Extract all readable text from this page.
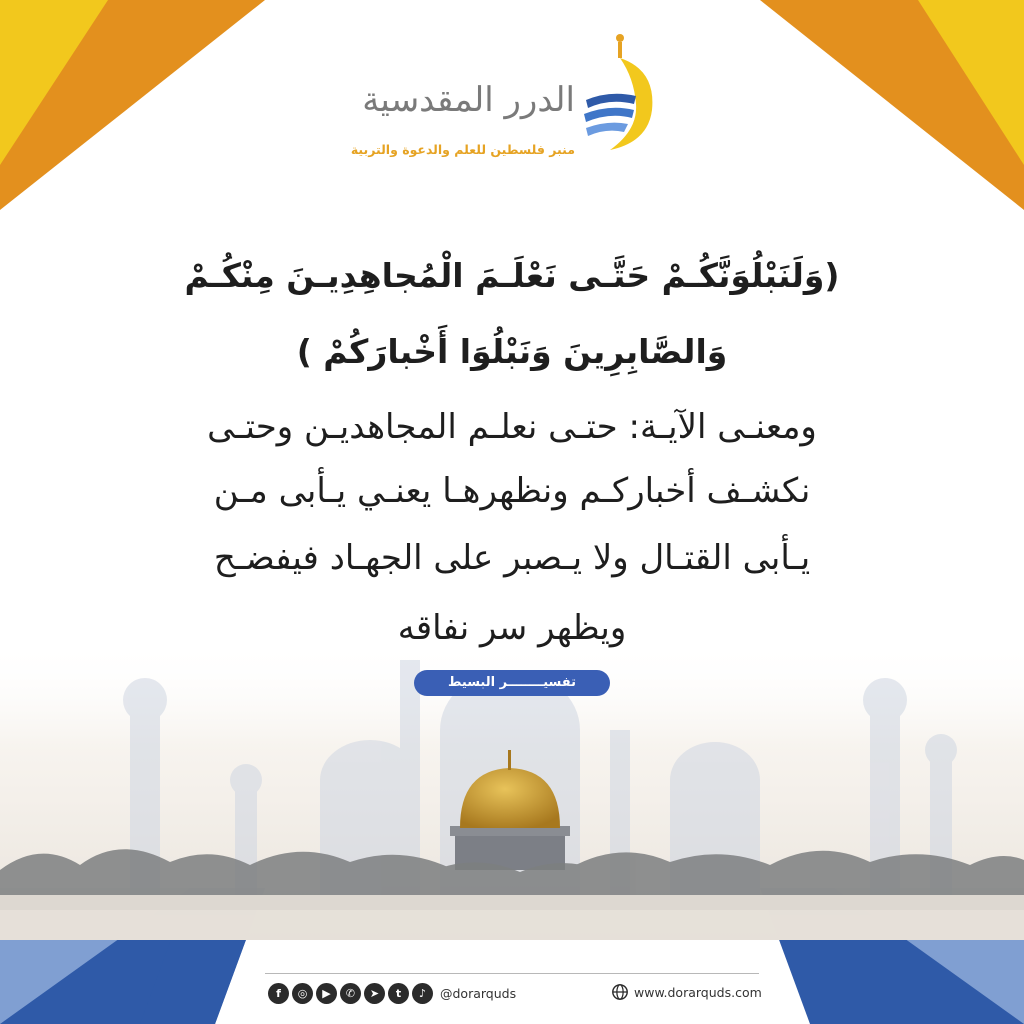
الدرر المقدسية
منبر فلسطين للعلم والدعوة والتربية
(وَلَنَبْلُوَنَّكُـمْ حَتَّـى نَعْلَـمَ الْمُجاهِدِيـنَ مِنْكُـمْ
وَالصَّابِرِينَ وَنَبْلُوَا أَخْبارَكُمْ )
ومعنـى الآيـة: حتـى نعلـم المجاهديـن وحتـى
نكشـف أخباركـم ونظهرهـا يعنـي يـأبى مـن
يـأبى القتـال ولا يـصبر على الجهـاد فيفضـح
ويظهر سر نفاقه
تفسيــــــــر البسيط
f	◎	▶	✆	➤	t	♪	@dorarquds	www.dorarquds.com
